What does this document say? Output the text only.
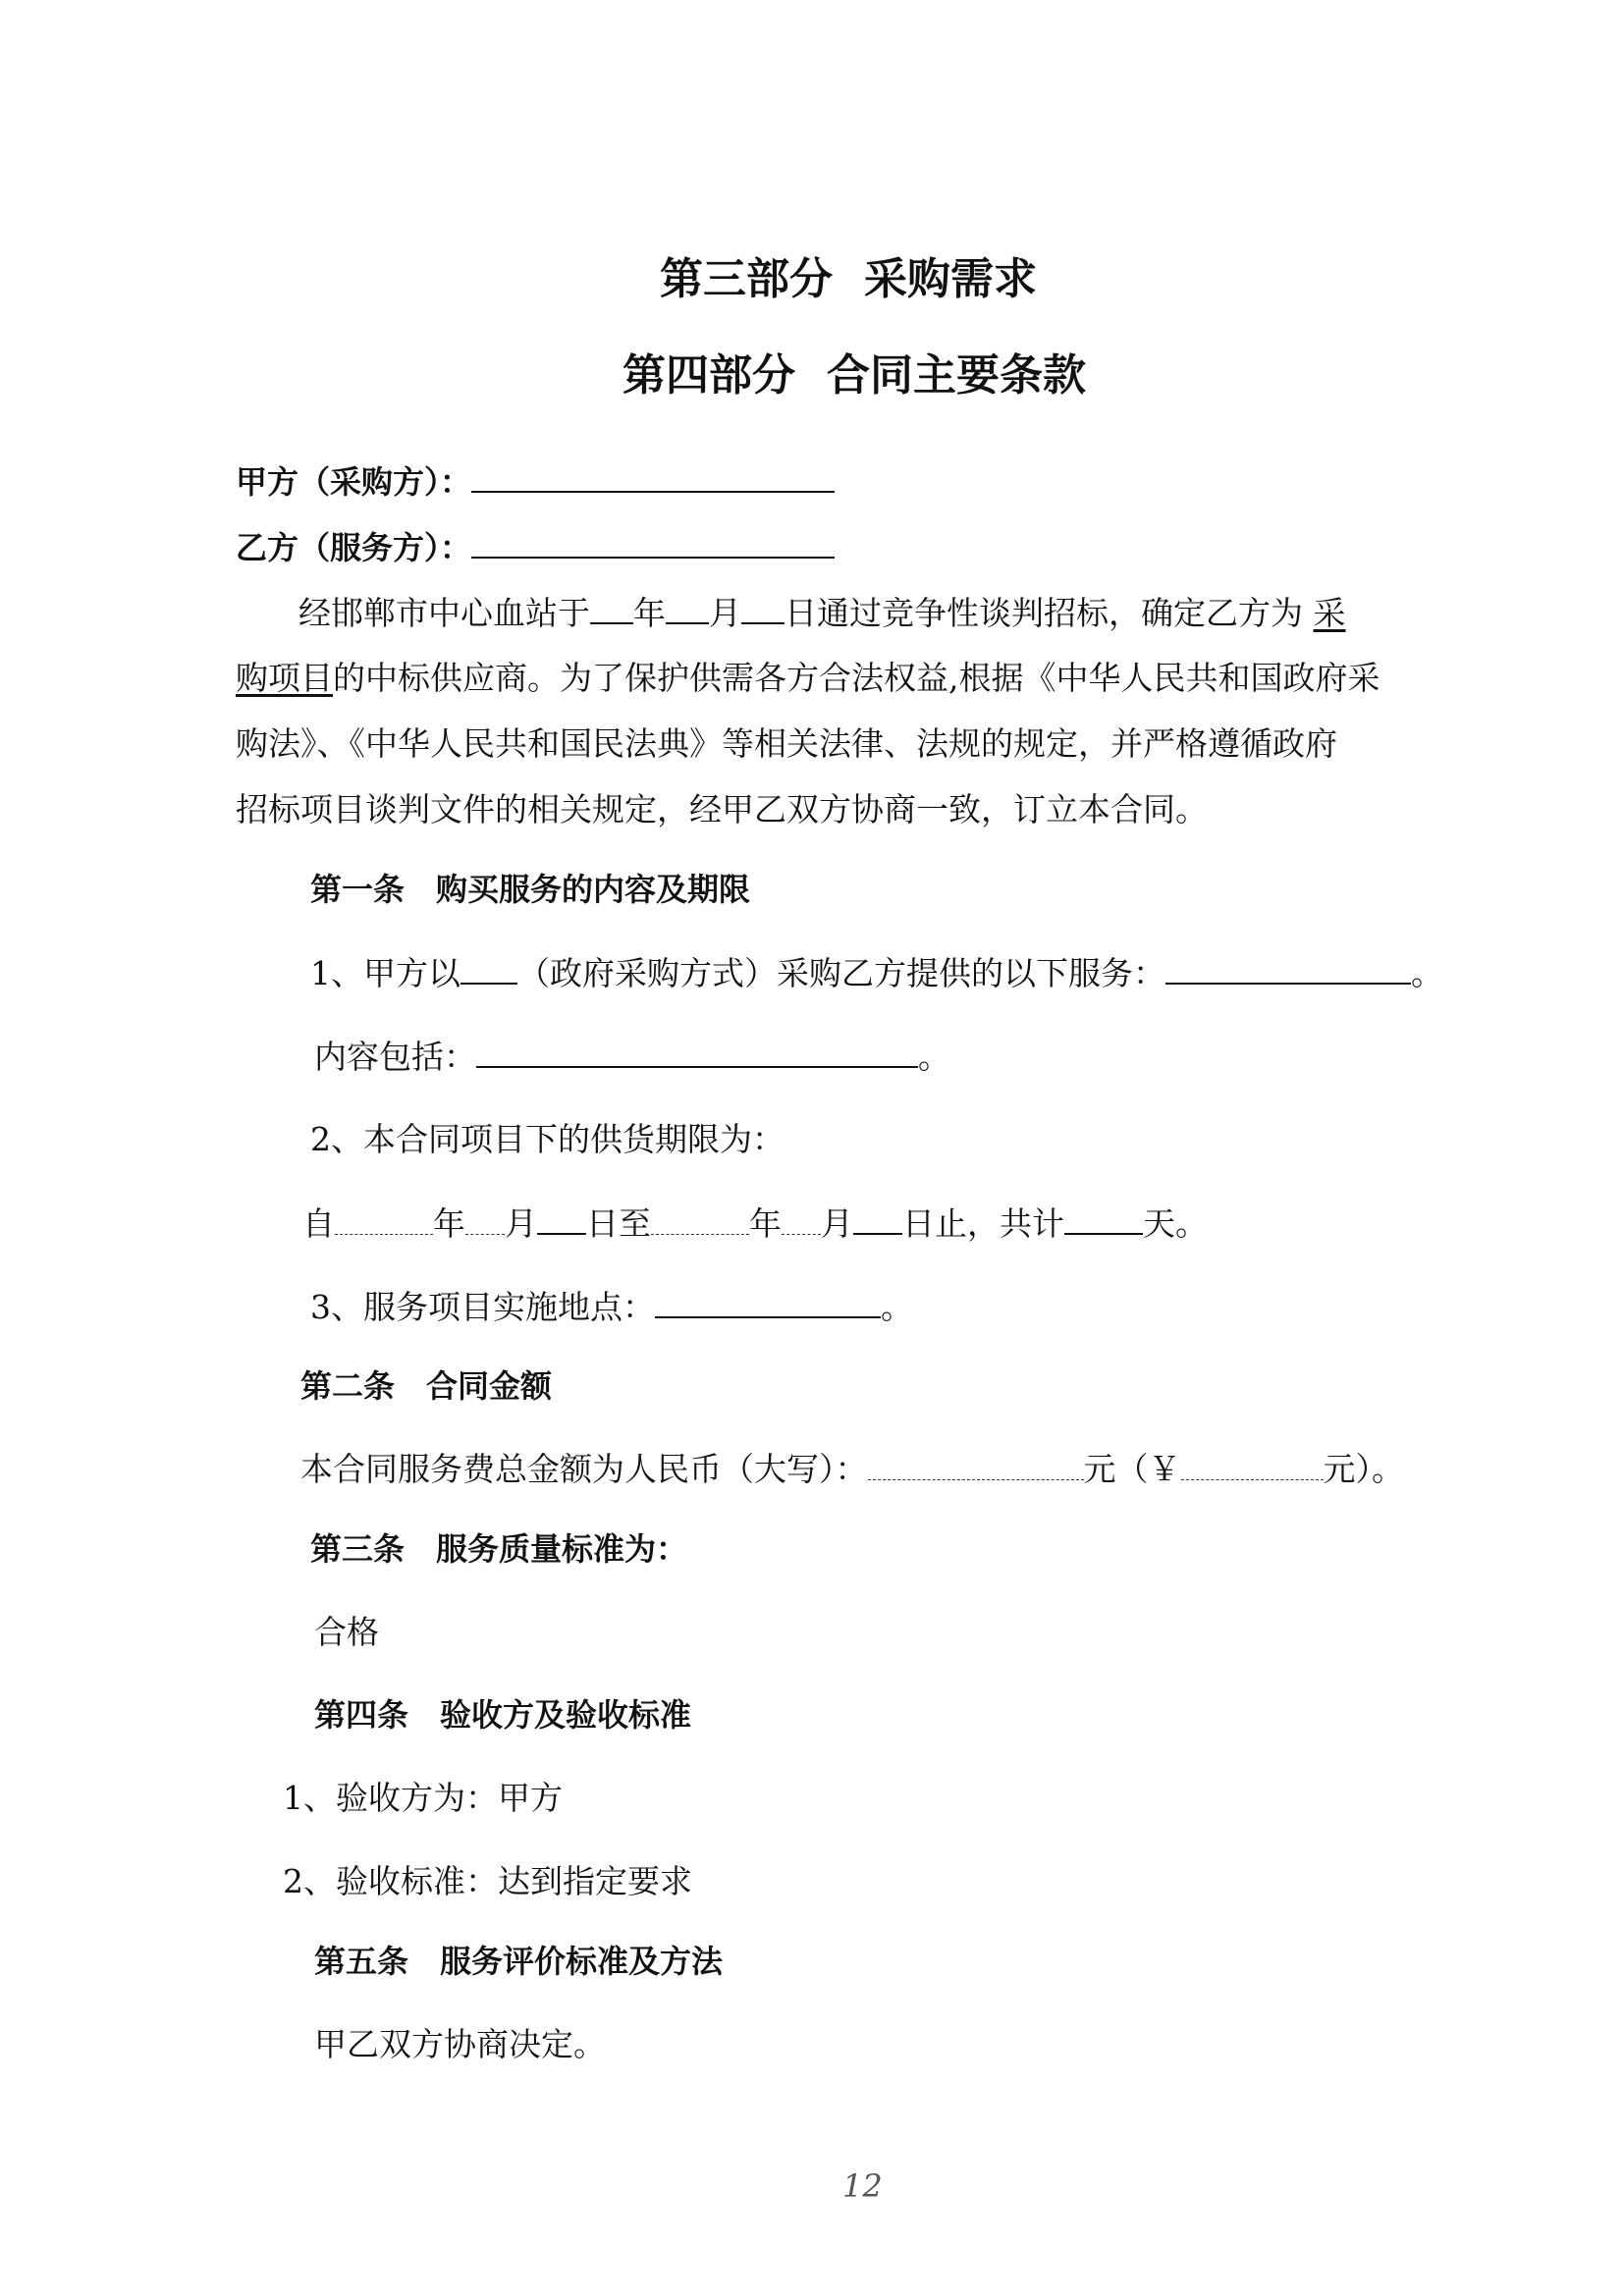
第三部分 采购需求
第四部分 合同主要条款
甲方（采购方）：
乙方（服务方）：
经邯郸市中心血站于 年 月 日通过竞争性谈判招标，确定乙方为 采
购项目的中标供应商。为了保护供需各方合法权益,根据《中华人民共和国政府采
购法》、《中华人民共和国民法典》等相关法律、法规的规定，并严格遵循政府
招标项目谈判文件的相关规定，经甲乙双方协商一致，订立本合同。
第一条 购买服务的内容及期限
1、甲方以 （政府采购方式）采购乙方提供的以下服务：	。
内容包括：	。
2、本合同项目下的供货期限为：
自	年 月 日至	年 月 日止，共计 天。
3、服务项目实施地点：	。
第二条 合同金额
本合同服务费总金额为人民币（大写）：	元（￥	元）。
第三条 服务质量标准为：
合格
第四条 验收方及验收标准
1、验收方为：甲方
2、验收标准：达到指定要求
第五条 服务评价标准及方法
甲乙双方协商决定。
12
